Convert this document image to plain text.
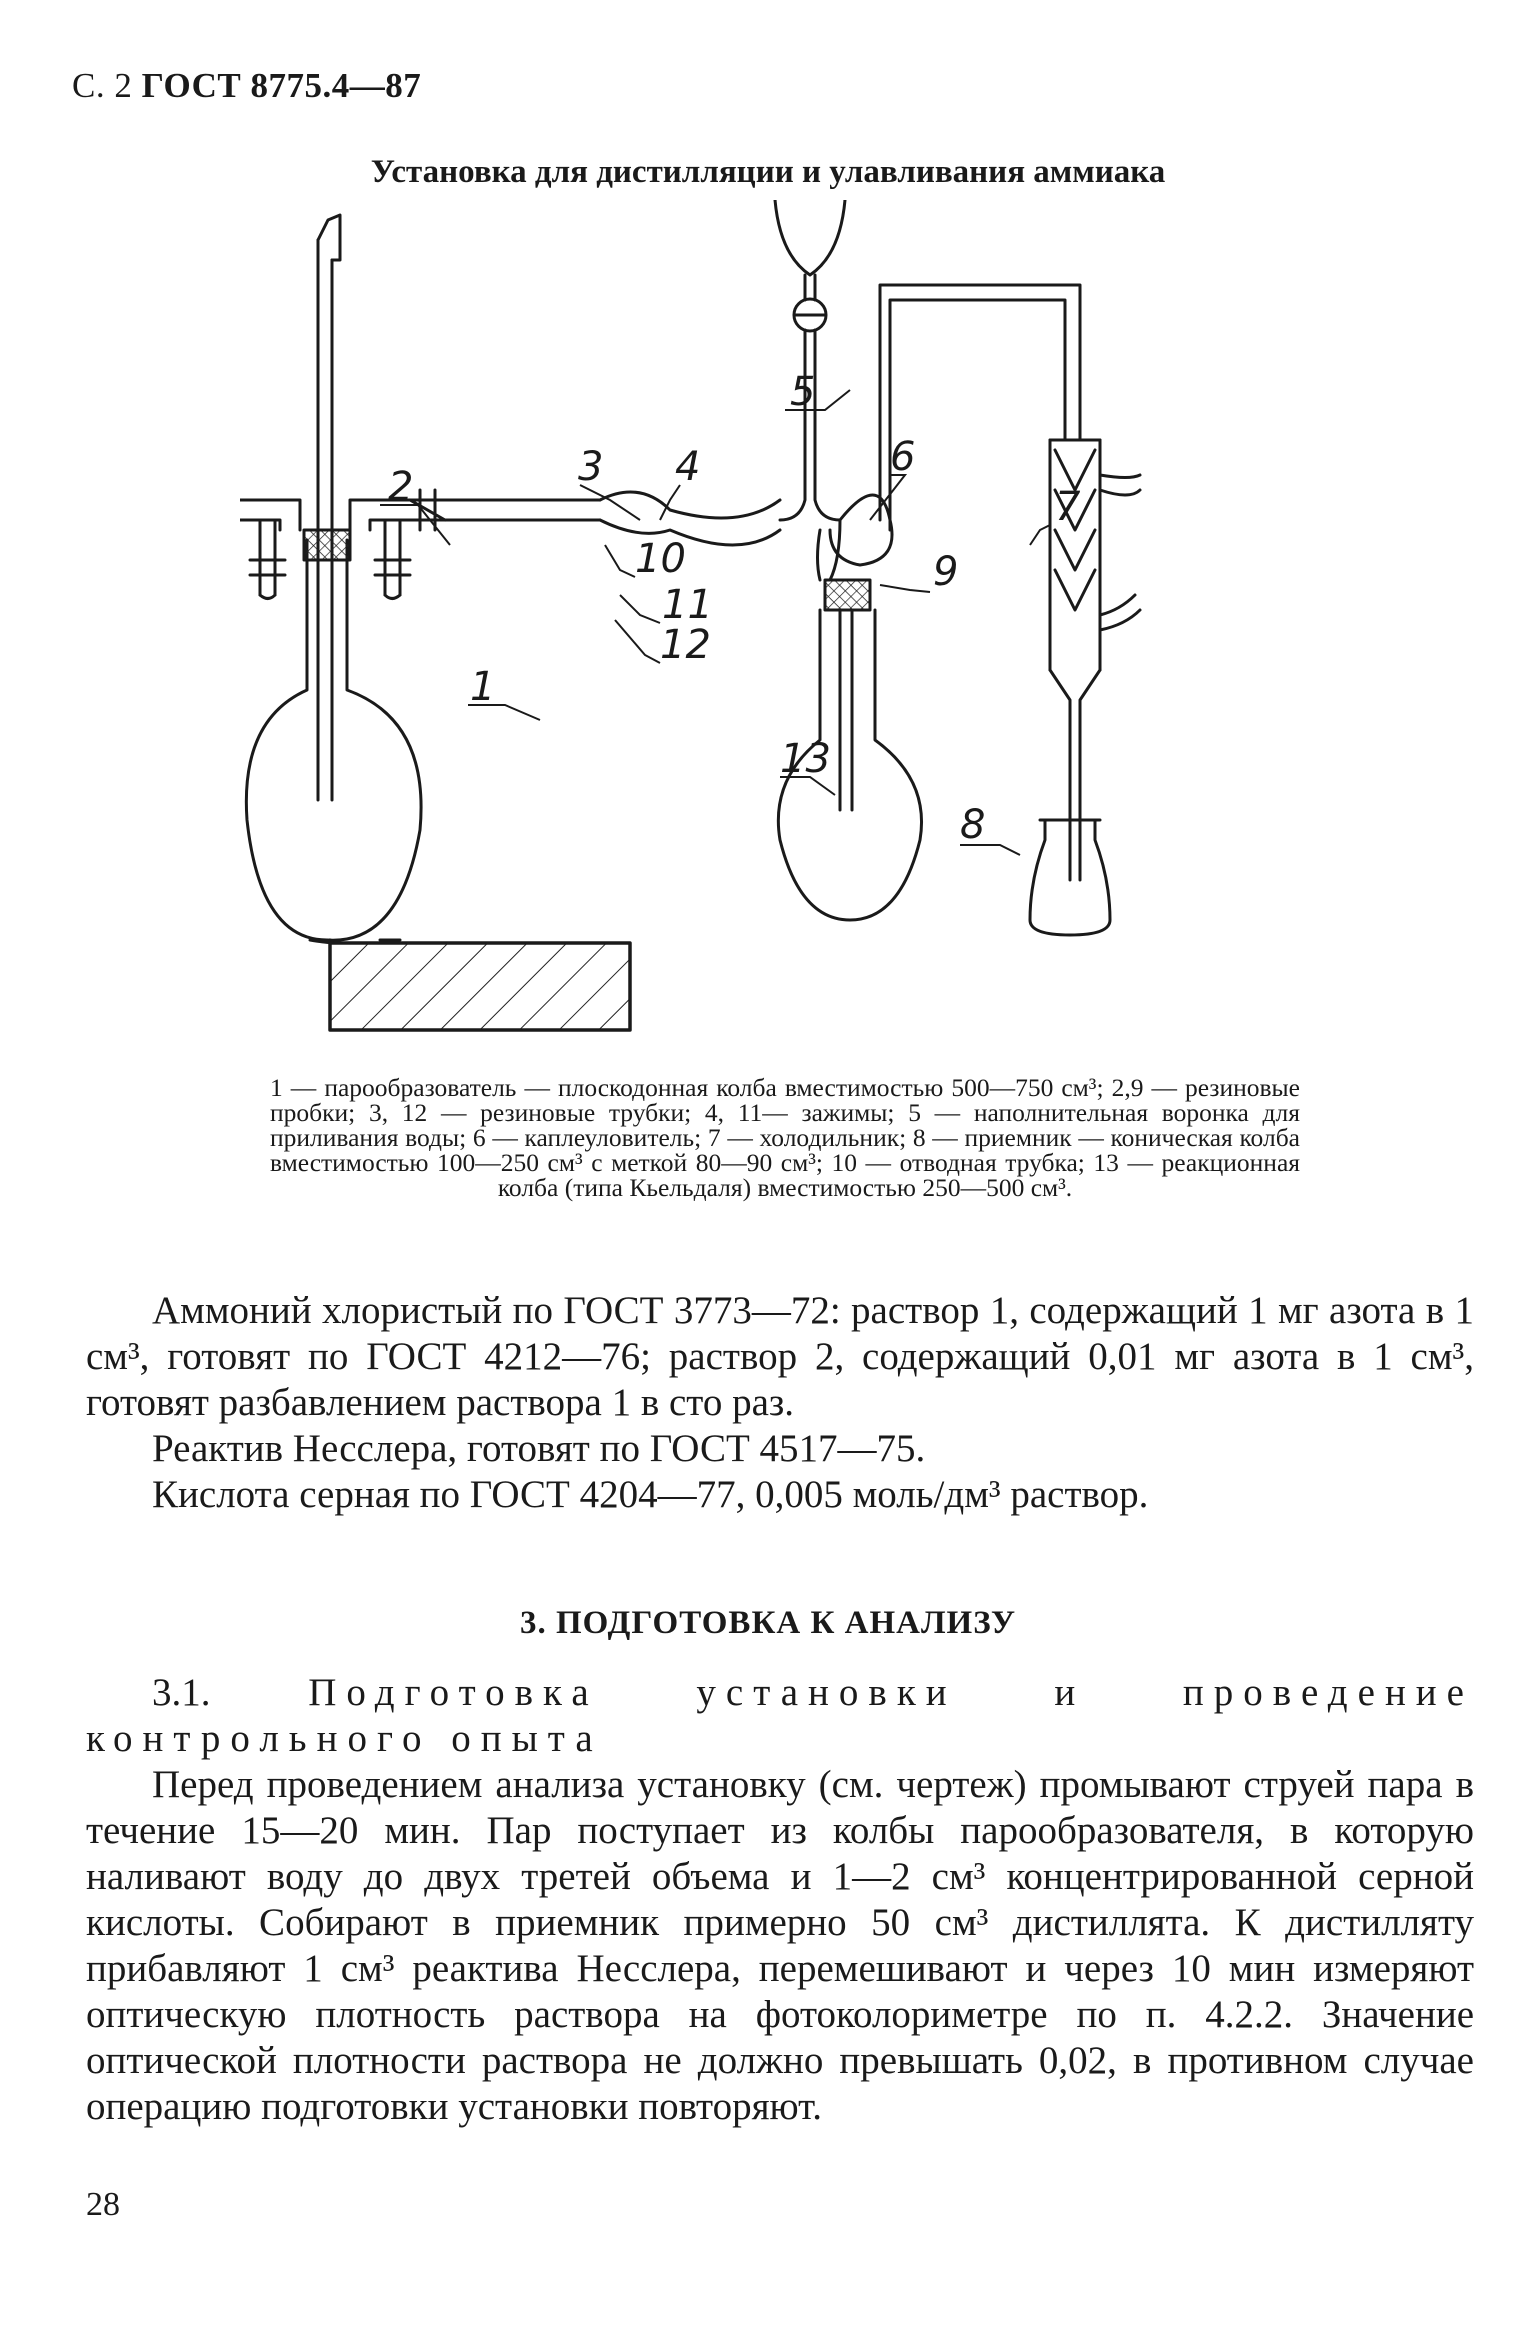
С. 2 ГОСТ 8775.4—87
Установка для дистилляции и улавливания аммиака
1
2	3 4
5
6
7
8
9
10
11
12
13
1 — парообразователь — плоскодонная колба вместимостью 500—750 см³; 2,9 — резиновые пробки; 3, 12 — резиновые трубки; 4, 11— зажимы; 5 — наполнительная воронка для приливания воды; 6 — каплеуловитель; 7 — холодильник; 8 — приемник — коническая колба вместимостью 100—250 см³ с меткой 80—90 см³; 10 — отводная трубка; 13 — реакционная колба (типа Кьельдаля) вместимостью 250—500 см³.

Аммоний хлористый по ГОСТ 3773—72: раствор 1, содержащий 1 мг азота в 1 см³, готовят по ГОСТ 4212—76; раствор 2, содержащий 0,01 мг азота в 1 см³, готовят разбавлением раствора 1 в сто раз.

Реактив Несслера, готовят по ГОСТ 4517—75.

Кислота серная по ГОСТ 4204—77, 0,005 моль/дм³ раствор.

3. ПОДГОТОВКА К АНАЛИЗУ

3.1.	Подготовка установки и проведение контрольного опыта

Перед проведением анализа установку (см. чертеж) промывают струей пара в течение 15—20 мин. Пар поступает из колбы парообразователя, в которую наливают воду до двух третей объема и 1—2 см³ концентрированной серной кислоты. Собирают в приемник примерно 50 см³ дистиллята. К дистилляту прибавляют 1 см³ реактива Несслера, перемешивают и через 10 мин измеряют оптическую плотность раствора на фотоколориметре по п. 4.2.2. Значение оптической плотности раствора не должно превышать 0,02, в противном случае операцию подготовки установки повторяют.

28
